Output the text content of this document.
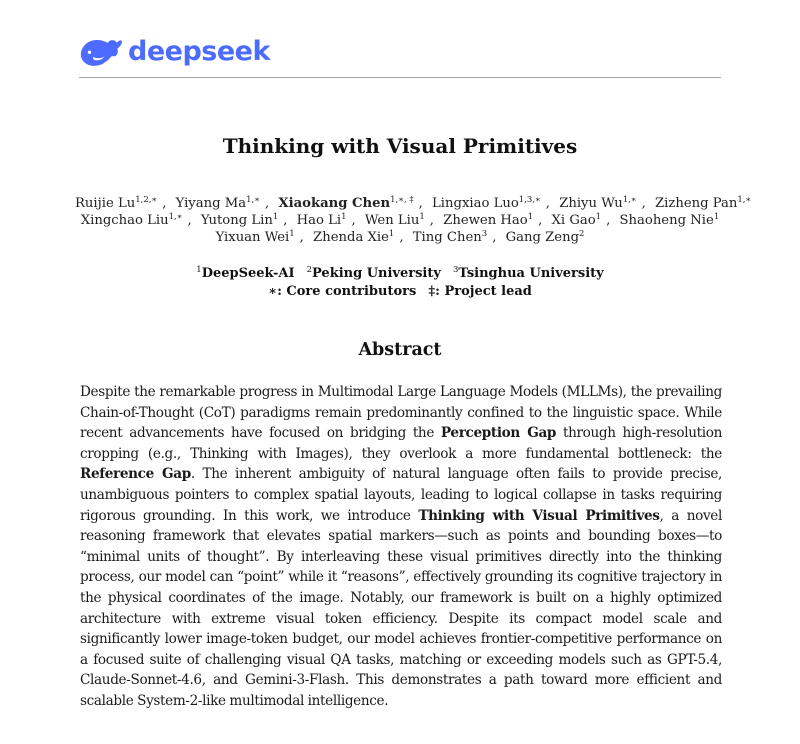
deepseek
Thinking with Visual Primitives
Ruijie $Lu^{1,2,∗}$ , Yiyang $Ma^{1,∗}$ , Xiaokang Chen$^{1,∗, \ddagger}$ , Lingxiao Luo$^{1,3,∗}$ , Zhiyu $Wu^{1,∗}$ , Zizheng Pan$^{1,∗}$
Xingchao Liu$^{1,∗}$ , Yutong Lin$^1$ , Hao Li$^1$ , Wen Liu$^1$ , Zhewen Hao$^1$ , Xi Gao$^1$ , Shaoheng Nie$^1$
Yixuan Wei$^1$ , Zhenda Xie$^1$ , Ting Chen$^3$ , Gang Zeng$^2$
$^1$DeepSeek-AI $^2$Peking University $^3$Tsinghua University
∗: Core contributors ‡: Project lead
Abstract
Despite the remarkable progress in Multimodal Large Language Models (MLLMs), the prevailing Chain-of-Thought (CoT) paradigms remain predominantly confined to the linguistic space. While recent advancements have focused on bridging the Perception Gap through high-resolution cropping (e.g., Thinking with Images), they overlook a more fundamental bottleneck: the Reference Gap. The inherent ambiguity of natural language often fails to provide precise, unambiguous pointers to complex spatial layouts, leading to logical collapse in tasks requiring rigorous grounding. In this work, we introduce Thinking with Visual Primitives, a novel reasoning framework that elevates spatial markers—such as points and bounding boxes—to “minimal units of thought”. By interleaving these visual primitives directly into the thinking process, our model can “point” while it “reasons”, effectively grounding its cognitive trajectory in the physical coordinates of the image. Notably, our framework is built on a highly optimized architecture with extreme visual token efficiency. Despite its compact model scale and significantly lower image-token budget, our model achieves frontier-competitive performance on a focused suite of challenging visual QA tasks, matching or exceeding models such as GPT-5.4, Claude-Sonnet-4.6, and Gemini-3-Flash. This demonstrates a path toward more efficient and scalable System-2-like multimodal intelligence.
